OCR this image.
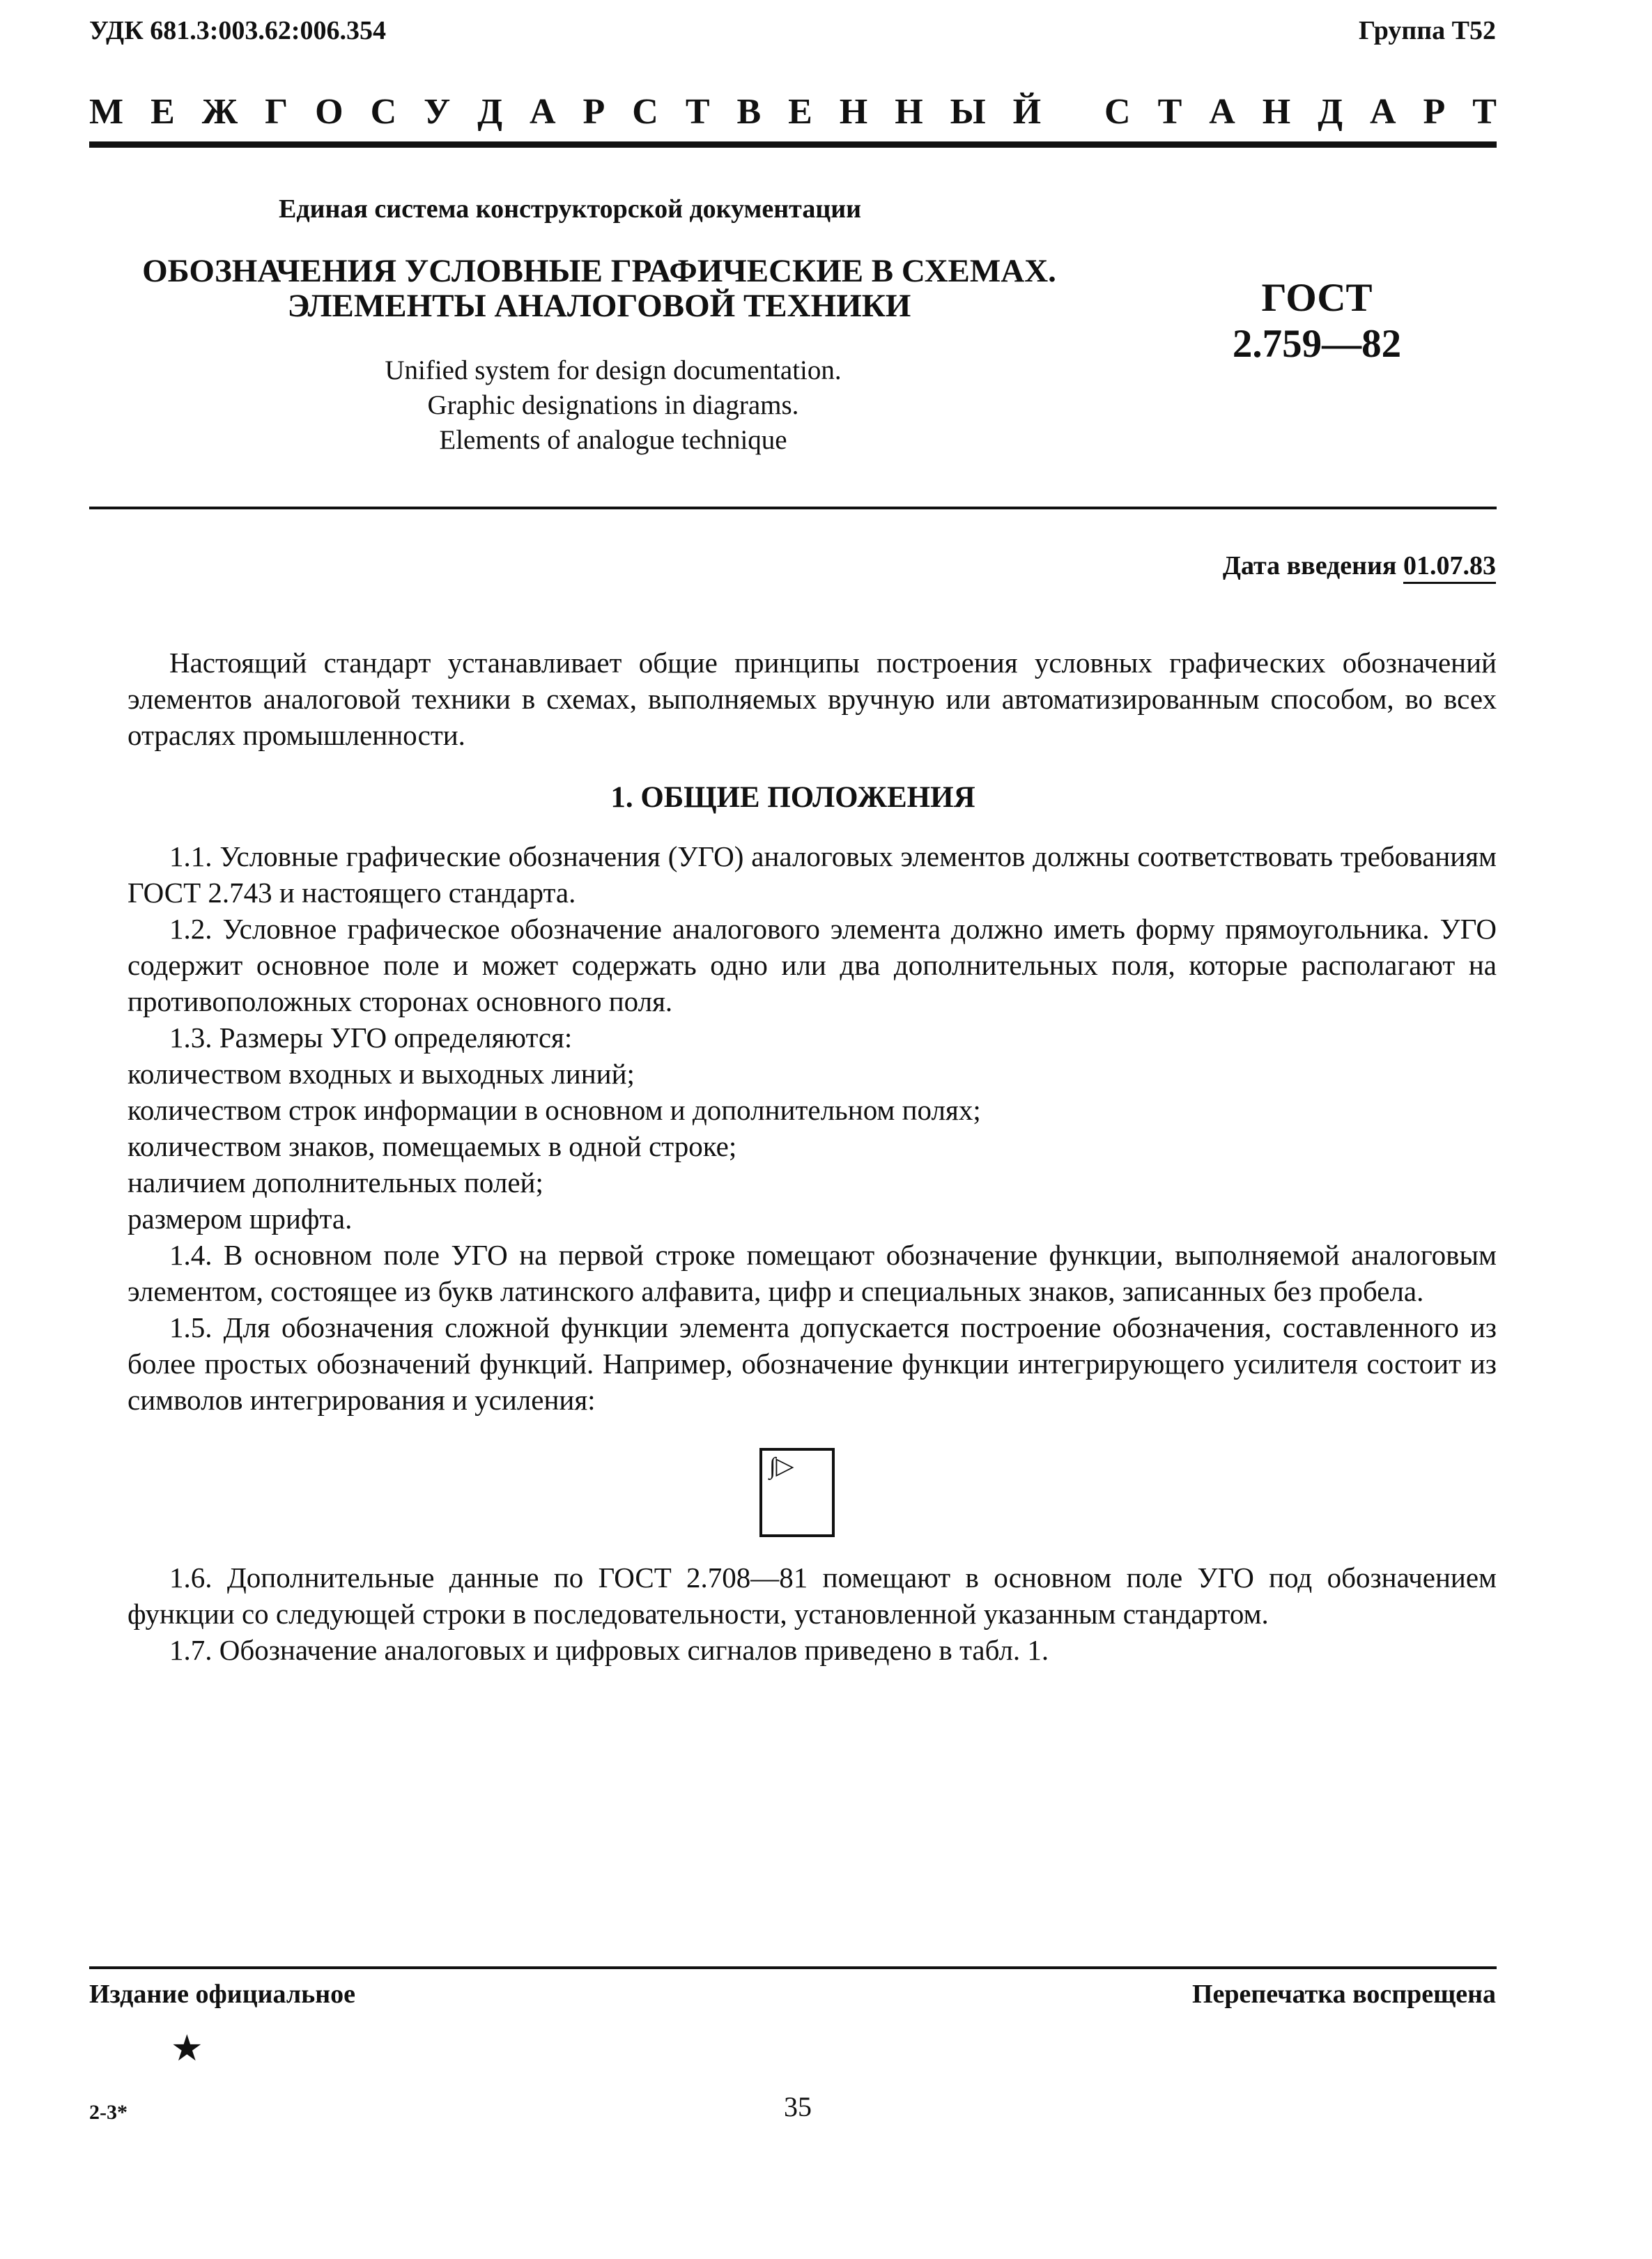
УДК 681.3:003.62:006.354	Группа Т52
М Е Ж Г О С У Д А Р С Т В Е Н Н Ы Й
С Т А Н Д А Р Т
Единая система конструкторской документации
ОБОЗНАЧЕНИЯ УСЛОВНЫЕ ГРАФИЧЕСКИЕ В СХЕМАХ.
ЭЛЕМЕНТЫ АНАЛОГОВОЙ ТЕХНИКИ
Unified system for design documentation.
Graphic designations in diagrams.
Elements of analogue technique
ГОСТ
2.759—82
Дата введения 01.07.83
Настоящий стандарт устанавливает общие принципы построения условных графических обозначений элементов аналоговой техники в схемах, выполняемых вручную или автоматизированным способом, во всех отраслях промышленности.
1. ОБЩИЕ ПОЛОЖЕНИЯ
1.1. Условные графические обозначения (УГО) аналоговых элементов должны соответствовать требованиям ГОСТ 2.743 и настоящего стандарта.
1.2. Условное графическое обозначение аналогового элемента должно иметь форму прямоугольника. УГО содержит основное поле и может содержать одно или два дополнительных поля, которые располагают на противоположных сторонах основного поля.
1.3. Размеры УГО определяются:
количеством входных и выходных линий;
количеством строк информации в основном и дополнительном полях;
количеством знаков, помещаемых в одной строке;
наличием дополнительных полей;
размером шрифта.
1.4. В основном поле УГО на первой строке помещают обозначение функции, выполняемой аналоговым элементом, состоящее из букв латинского алфавита, цифр и специальных знаков, записанных без пробела.
1.5. Для обозначения сложной функции элемента допускается построение обозначения, составленного из более простых обозначений функций. Например, обозначение функции интегрирующего усилителя состоит из символов интегрирования и усиления:
∫▷
1.6. Дополнительные данные по ГОСТ 2.708—81 помещают в основном поле УГО под обозначением функции со следующей строки в последовательности, установленной указанным стандартом.
1.7. Обозначение аналоговых и цифровых сигналов приведено в табл. 1.
Издание официальное	Перепечатка воспрещена
★
2-3*	35
